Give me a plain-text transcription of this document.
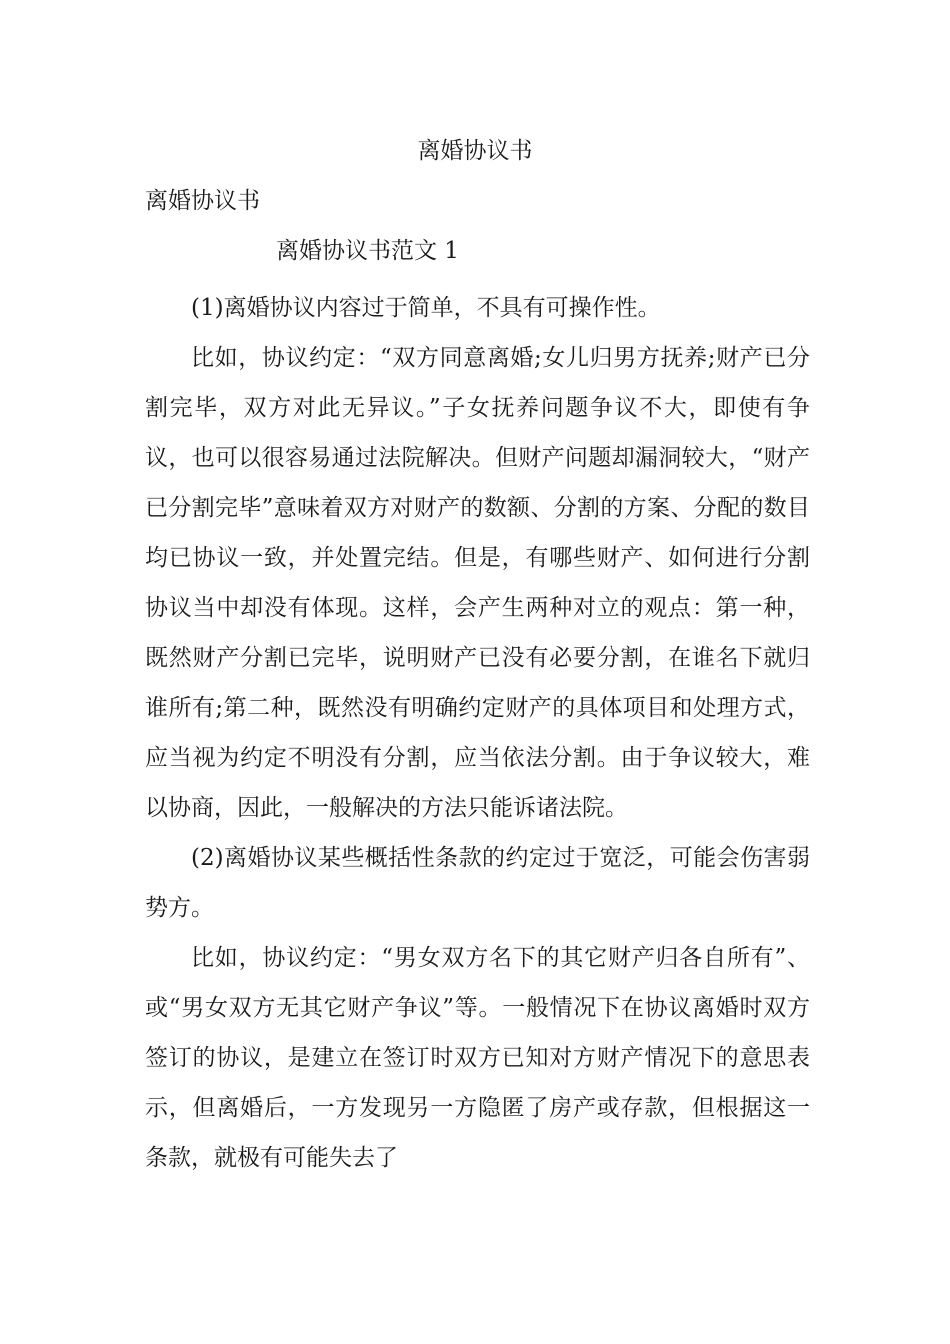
离婚协议书
离婚协议书
离婚协议书范文 1

(1)离婚协议内容过于简单，不具有可操作性。

比如，协议约定：“双方同意离婚;女儿归男方抚养;财产已分割完毕，双方对此无异议。”子女抚养问题争议不大，即使有争议，也可以很容易通过法院解决。但财产问题却漏洞较大，“财产已分割完毕”意味着双方对财产的数额、分割的方案、分配的数目均已协议一致，并处置完结。但是，有哪些财产、如何进行分割协议当中却没有体现。这样，会产生两种对立的观点：第一种，既然财产分割已完毕，说明财产已没有必要分割，在谁名下就归谁所有;第二种，既然没有明确约定财产的具体项目和处理方式，应当视为约定不明没有分割，应当依法分割。由于争议较大，难以协商，因此，一般解决的方法只能诉诸法院。

(2)离婚协议某些概括性条款的约定过于宽泛，可能会伤害弱势方。

比如，协议约定：“男女双方名下的其它财产归各自所有”、或“男女双方无其它财产争议”等。一般情况下在协议离婚时双方签订的协议，是建立在签订时双方已知对方财产情况下的意思表示，但离婚后，一方发现另一方隐匿了房产或存款，但根据这一条款，就极有可能失去了
